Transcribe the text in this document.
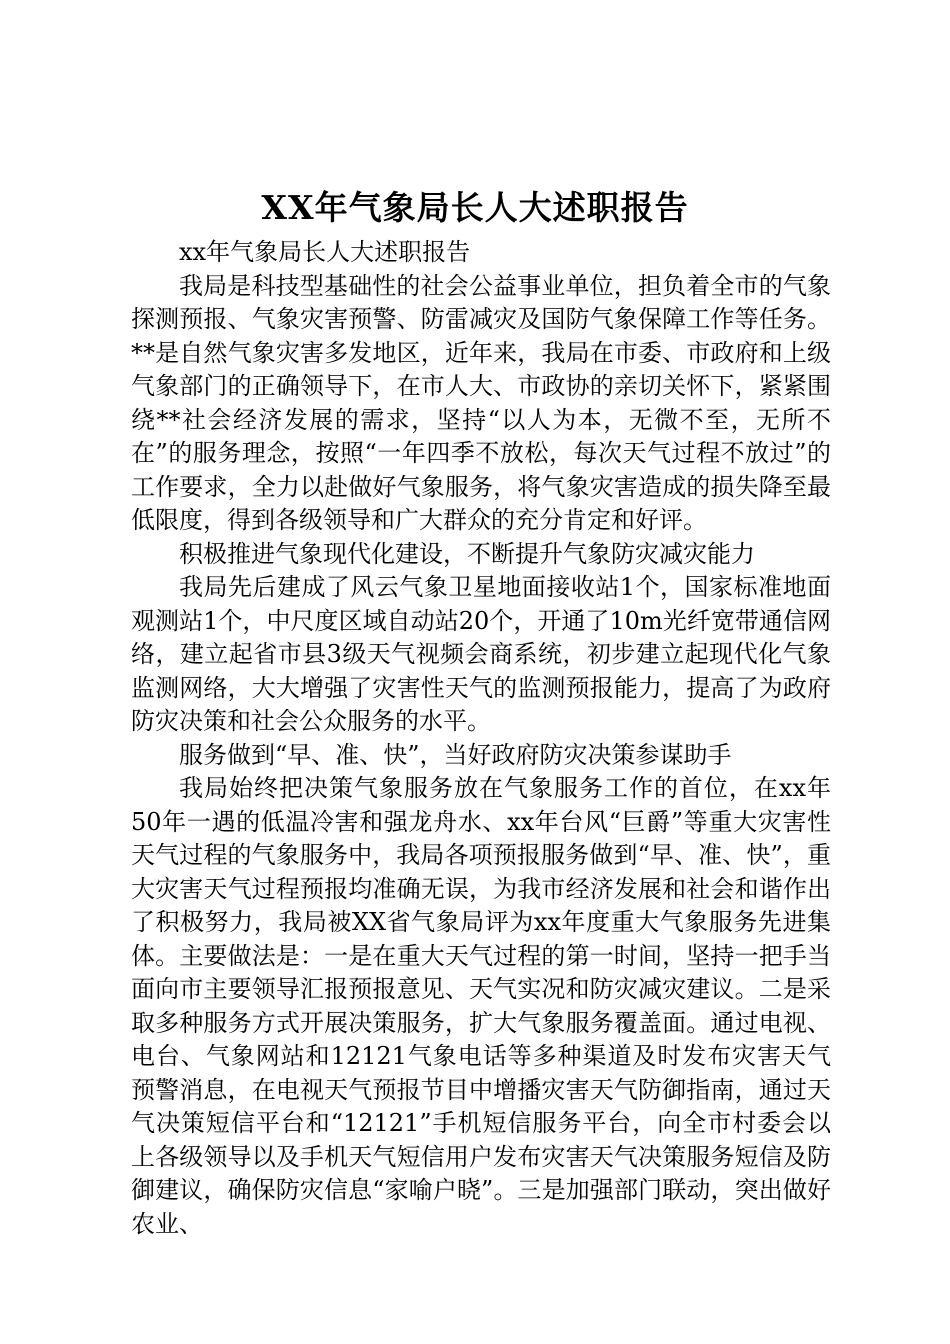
XX年气象局长人大述职报告

xx年气象局长人大述职报告

我局是科技型基础性的社会公益事业单位，担负着全市的气象探测预报、气象灾害预警、防雷减灾及国防气象保障工作等任务。**是自然气象灾害多发地区，近年来，我局在市委、市政府和上级气象部门的正确领导下，在市人大、市政协的亲切关怀下，紧紧围绕**社会经济发展的需求，坚持“以人为本，无微不至，无所不在”的服务理念，按照“一年四季不放松，每次天气过程不放过”的工作要求，全力以赴做好气象服务，将气象灾害造成的损失降至最低限度，得到各级领导和广大群众的充分肯定和好评。

积极推进气象现代化建设，不断提升气象防灾减灾能力

我局先后建成了风云气象卫星地面接收站1个，国家标准地面观测站1个，中尺度区域自动站20个，开通了10m光纤宽带通信网络，建立起省市县3级天气视频会商系统，初步建立起现代化气象监测网络，大大增强了灾害性天气的监测预报能力，提高了为政府防灾决策和社会公众服务的水平。

服务做到“早、准、快”，当好政府防灾决策参谋助手

我局始终把决策气象服务放在气象服务工作的首位，在xx年50年一遇的低温冷害和强龙舟水、xx年台风“巨爵”等重大灾害性天气过程的气象服务中，我局各项预报服务做到“早、准、快”，重大灾害天气过程预报均准确无误，为我市经济发展和社会和谐作出了积极努力，我局被XX省气象局评为xx年度重大气象服务先进集体。主要做法是：一是在重大天气过程的第一时间，坚持一把手当面向市主要领导汇报预报意见、天气实况和防灾减灾建议。二是采取多种服务方式开展决策服务，扩大气象服务覆盖面。通过电视、电台、气象网站和12121气象电话等多种渠道及时发布灾害天气预警消息，在电视天气预报节目中增播灾害天气防御指南，通过天气决策短信平台和“12121”手机短信服务平台，向全市村委会以上各级领导以及手机天气短信用户发布灾害天气决策服务短信及防御建议，确保防灾信息“家喻户晓”。三是加强部门联动，突出做好农业、
